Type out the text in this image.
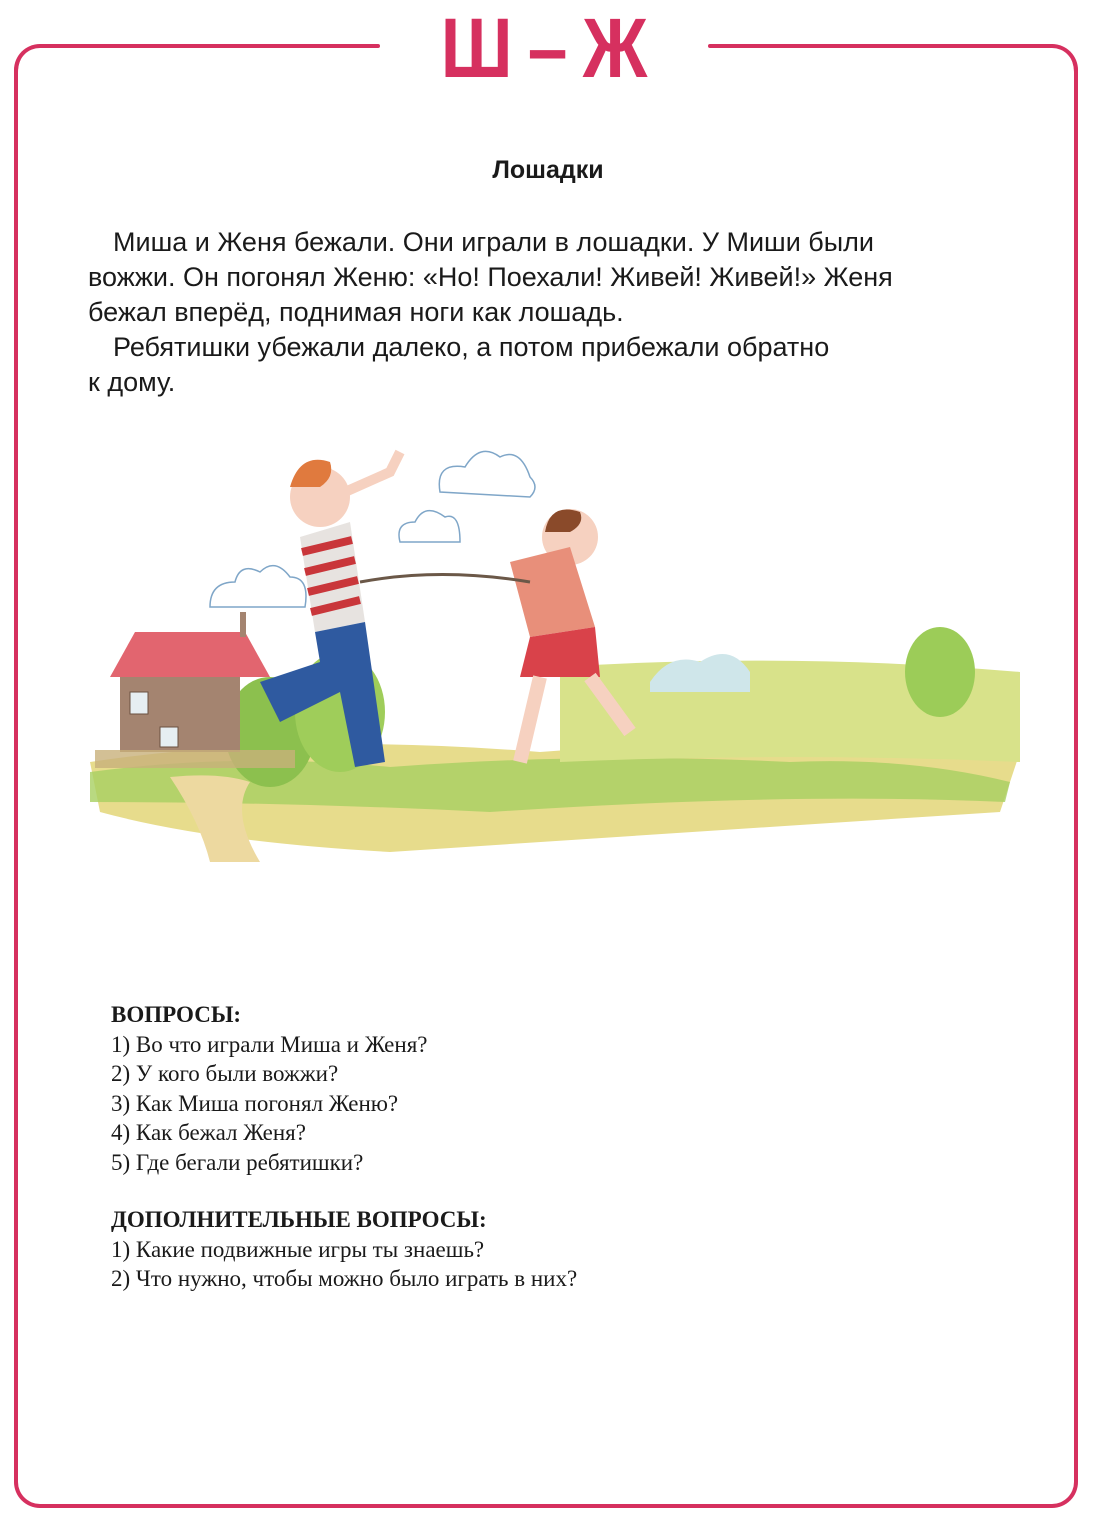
Ш – Ж
Лошадки

Миша и Женя бежали. Они играли в лошадки. У Миши были

вожжи. Он погонял Женю: «Но! Поехали! Живей! Живей!» Женя

бежал вперёд, поднимая ноги как лошадь.

Ребятишки убежали далеко, а потом прибежали обратно

к дому.

ВОПРОСЫ:
1) Во что играли Миша и Женя?
2) У кого были вожжи?
3) Как Миша погонял Женю?
4) Как бежал Женя?
5) Где бегали ребятишки?
ДОПОЛНИТЕЛЬНЫЕ ВОПРОСЫ:
1) Какие подвижные игры ты знаешь?
2) Что нужно, чтобы можно было играть в них?
